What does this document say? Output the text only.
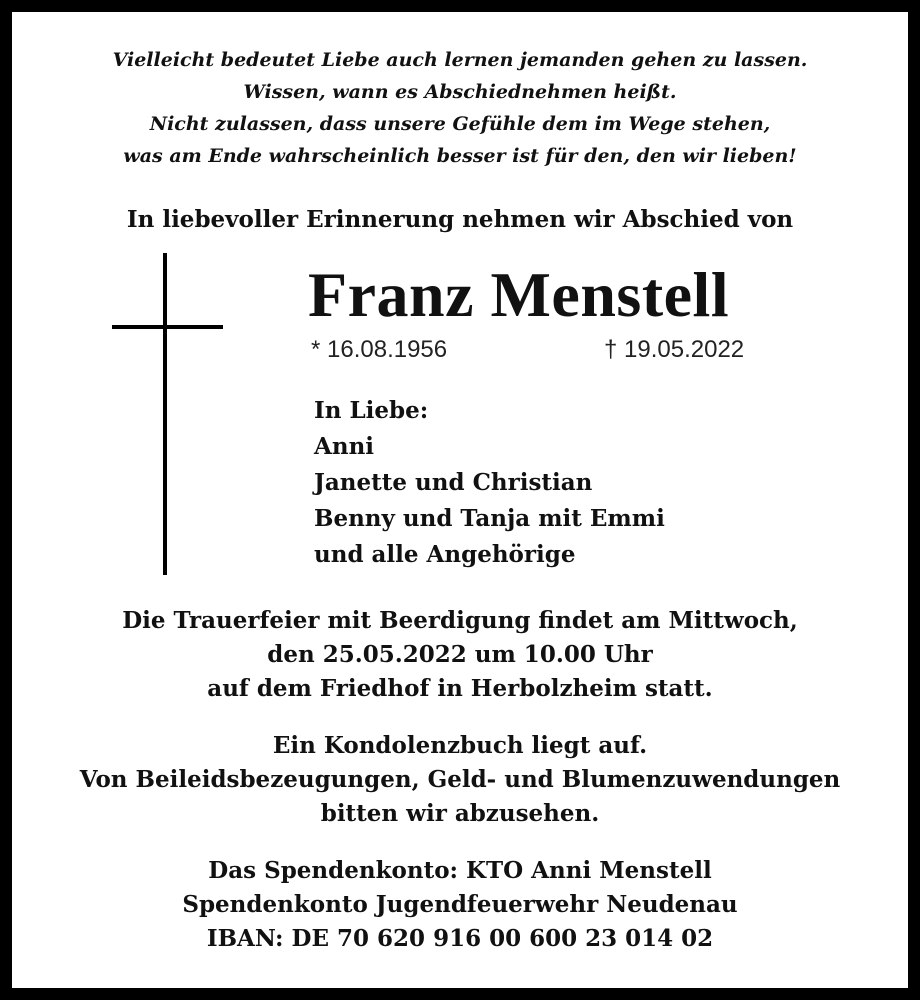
Vielleicht bedeutet Liebe auch lernen jemanden gehen zu lassen.
Wissen, wann es Abschiednehmen heißt.
Nicht zulassen, dass unsere Gefühle dem im Wege stehen,
was am Ende wahrscheinlich besser ist für den, den wir lieben!
In liebevoller Erinnerung nehmen wir Abschied von
Franz Menstell
* 16.08.1956	† 19.05.2022
In Liebe:
Anni
Janette und Christian
Benny und Tanja mit Emmi
und alle Angehörige
Die Trauerfeier mit Beerdigung findet am Mittwoch,
den 25.05.2022 um 10.00 Uhr
auf dem Friedhof in Herbolzheim statt.
Ein Kondolenzbuch liegt auf.
Von Beileidsbezeugungen, Geld- und Blumenzuwendungen
bitten wir abzusehen.
Das Spendenkonto: KTO Anni Menstell
Spendenkonto Jugendfeuerwehr Neudenau
IBAN: DE 70 620 916 00 600 23 014 02
